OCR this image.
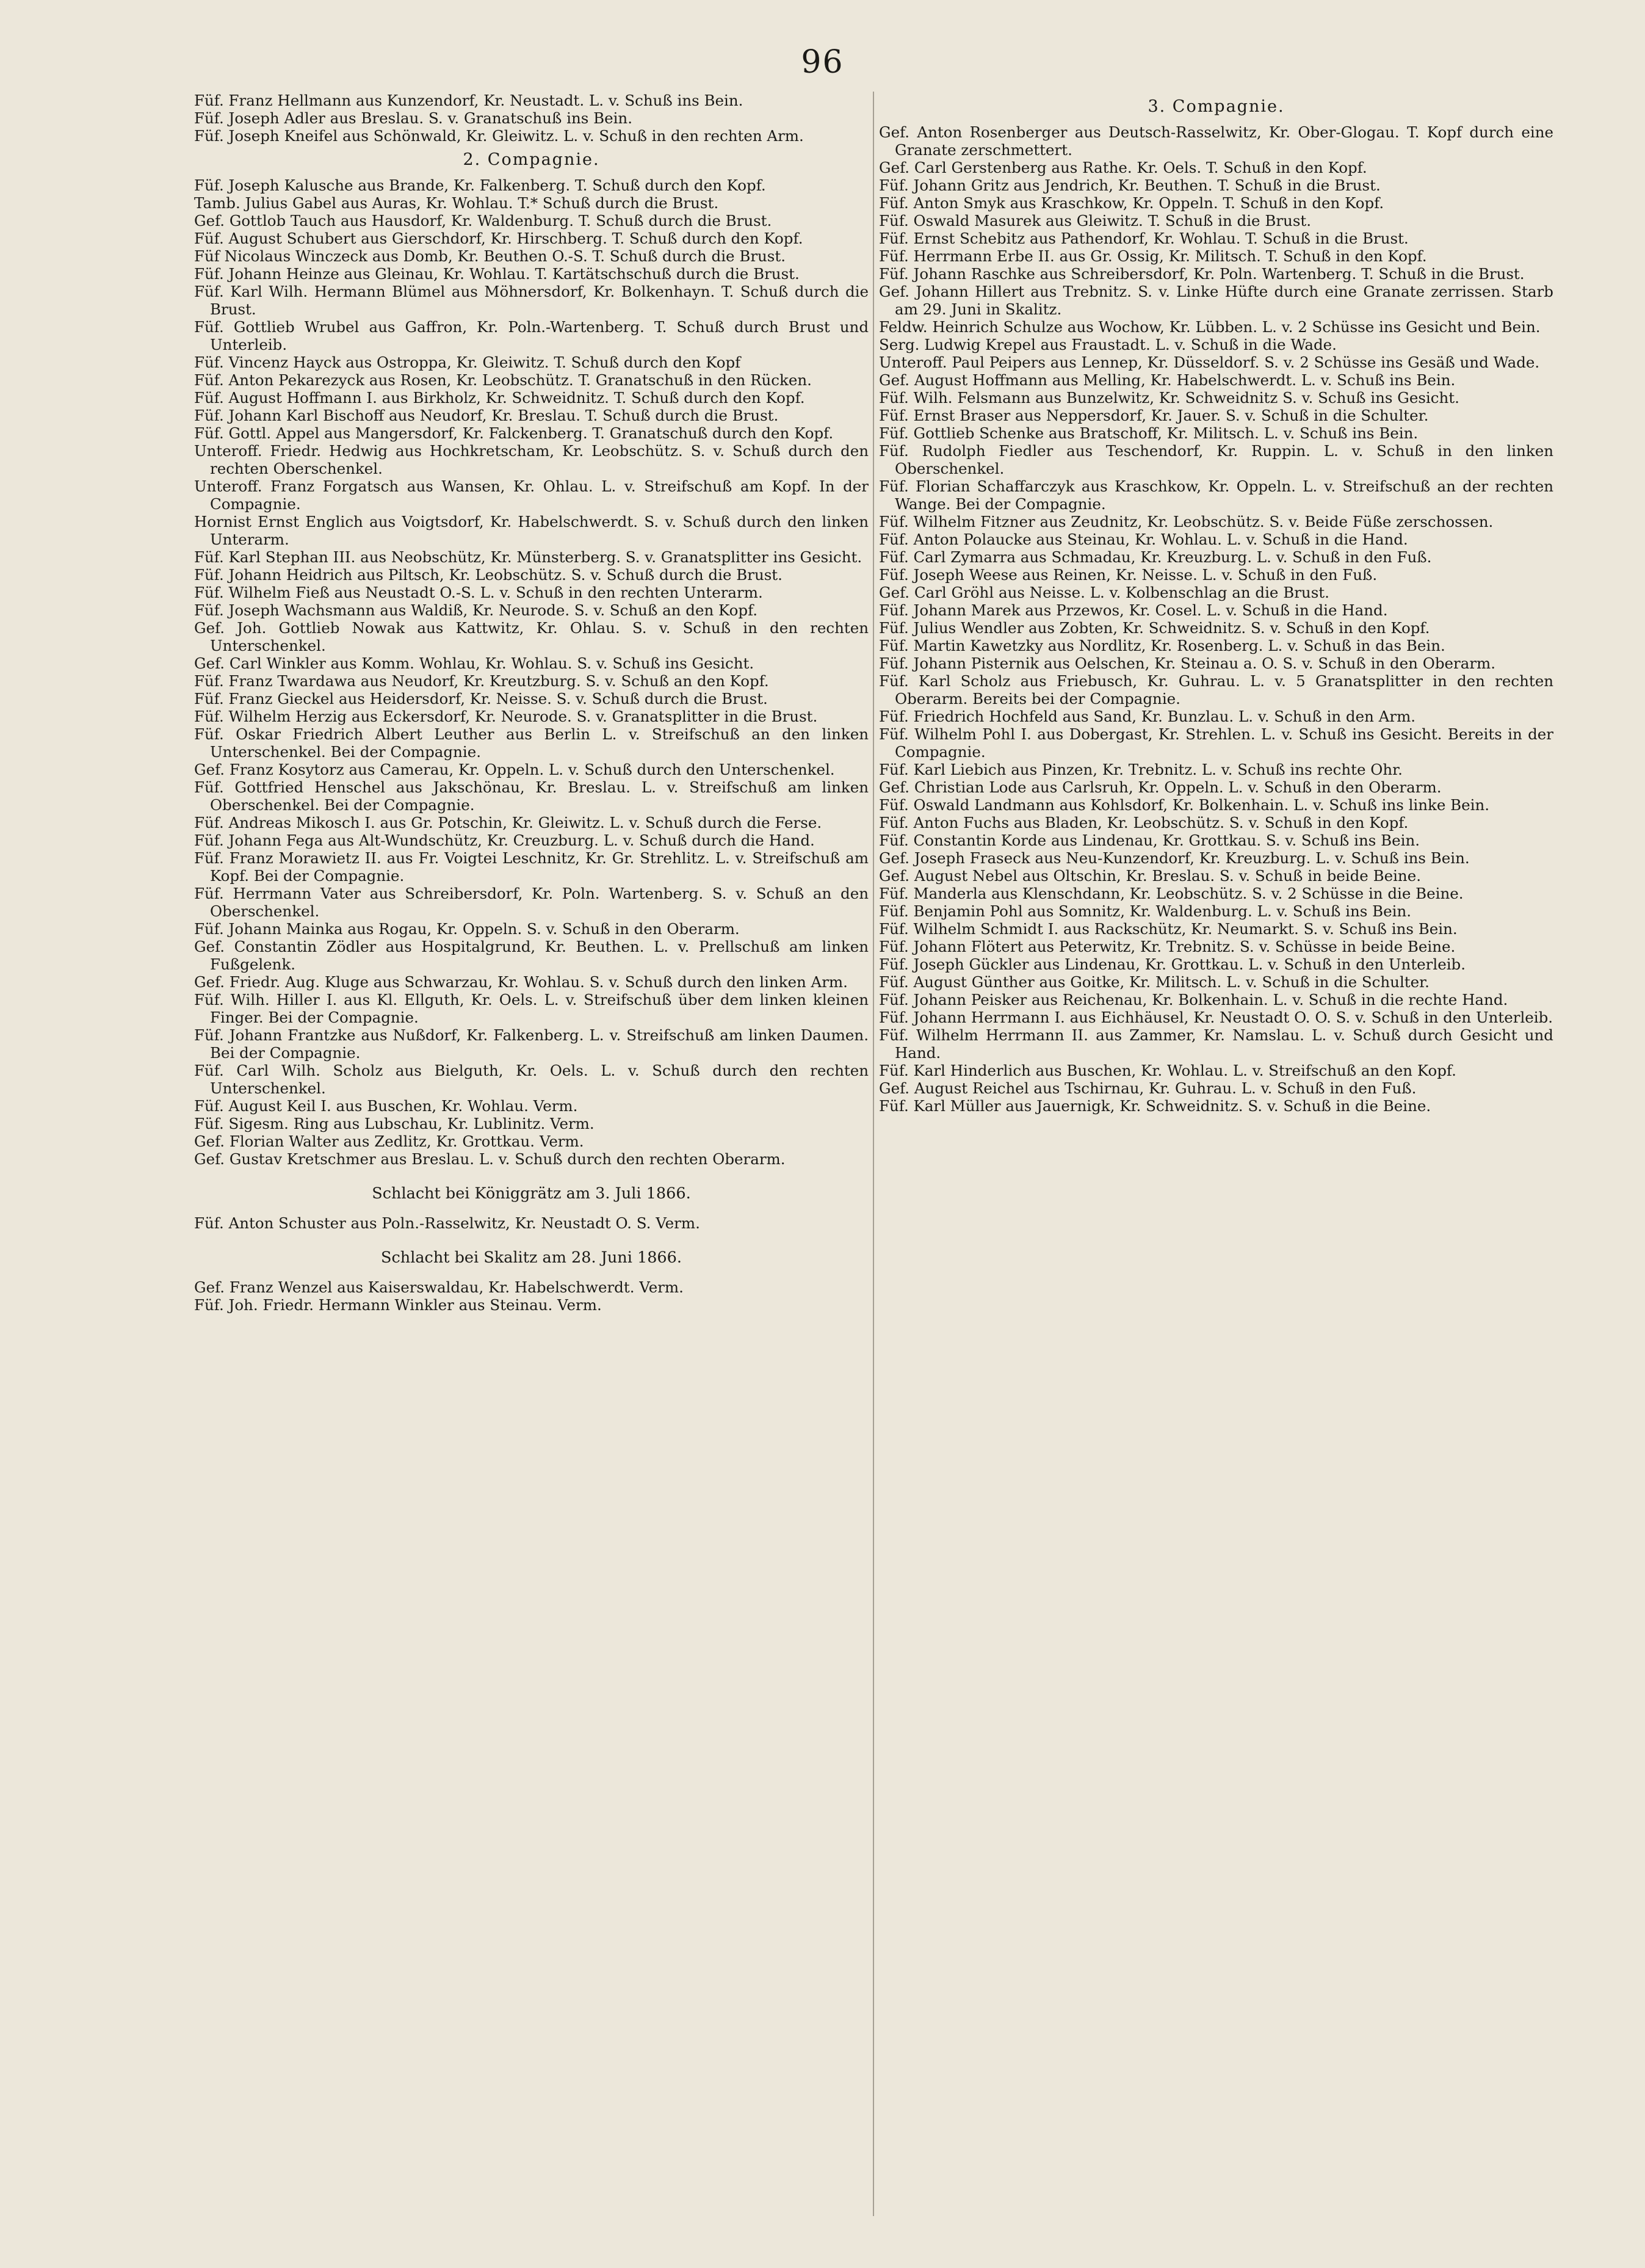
96

Füf. Franz Hellmann aus Kunzendorf, Kr. Neustadt. L. v. Schuß ins Bein.

Füf. Joseph Adler aus Breslau. S. v. Granatschuß ins Bein.

Füf. Joseph Kneifel aus Schönwald, Kr. Gleiwitz. L. v. Schuß in den rechten Arm.

2. Compagnie.

Füf. Joseph Kalusche aus Brande, Kr. Falkenberg. T. Schuß durch den Kopf.

Tamb. Julius Gabel aus Auras, Kr. Wohlau. T.* Schuß durch die Brust.

Gef. Gottlob Tauch aus Hausdorf, Kr. Waldenburg. T. Schuß durch die Brust.

Füf. August Schubert aus Gierschdorf, Kr. Hirschberg. T. Schuß durch den Kopf.

Füf Nicolaus Winczeck aus Domb, Kr. Beuthen O.-S. T. Schuß durch die Brust.

Füf. Johann Heinze aus Gleinau, Kr. Wohlau. T. Kartätschschuß durch die Brust.

Füf. Karl Wilh. Hermann Blümel aus Möhnersdorf, Kr. Bolkenhayn. T. Schuß durch die Brust.

Füf. Gottlieb Wrubel aus Gaffron, Kr. Poln.-Wartenberg. T. Schuß durch Brust und Unterleib.

Füf. Vincenz Hayck aus Ostroppa, Kr. Gleiwitz. T. Schuß durch den Kopf

Füf. Anton Pekarezyck aus Rosen, Kr. Leobschütz. T. Granatschuß in den Rücken.

Füf. August Hoffmann I. aus Birkholz, Kr. Schweidnitz. T. Schuß durch den Kopf.

Füf. Johann Karl Bischoff aus Neudorf, Kr. Breslau. T. Schuß durch die Brust.

Füf. Gottl. Appel aus Mangersdorf, Kr. Falckenberg. T. Granatschuß durch den Kopf.

Unteroff. Friedr. Hedwig aus Hochkretscham, Kr. Leobschütz. S. v. Schuß durch den rechten Oberschenkel.

Unteroff. Franz Forgatsch aus Wansen, Kr. Ohlau. L. v. Streifschuß am Kopf. In der Compagnie.

Hornist Ernst Englich aus Voigtsdorf, Kr. Habelschwerdt. S. v. Schuß durch den linken Unterarm.

Füf. Karl Stephan III. aus Neobschütz, Kr. Münsterberg. S. v. Granatsplitter ins Gesicht.

Füf. Johann Heidrich aus Piltsch, Kr. Leobschütz. S. v. Schuß durch die Brust.

Füf. Wilhelm Fieß aus Neustadt O.-S. L. v. Schuß in den rechten Unterarm.

Füf. Joseph Wachsmann aus Waldiß, Kr. Neurode. S. v. Schuß an den Kopf.

Gef. Joh. Gottlieb Nowak aus Kattwitz, Kr. Ohlau. S. v. Schuß in den rechten Unterschenkel.

Gef. Carl Winkler aus Komm. Wohlau, Kr. Wohlau. S. v. Schuß ins Gesicht.

Füf. Franz Twardawa aus Neudorf, Kr. Kreutzburg. S. v. Schuß an den Kopf.

Füf. Franz Gieckel aus Heidersdorf, Kr. Neisse. S. v. Schuß durch die Brust.

Füf. Wilhelm Herzig aus Eckersdorf, Kr. Neurode. S. v. Granatsplitter in die Brust.

Füf. Oskar Friedrich Albert Leuther aus Berlin L. v. Streifschuß an den linken Unterschenkel. Bei der Compagnie.

Gef. Franz Kosytorz aus Camerau, Kr. Oppeln. L. v. Schuß durch den Unterschenkel.

Füf. Gottfried Henschel aus Jakschönau, Kr. Breslau. L. v. Streifschuß am linken Oberschenkel. Bei der Compagnie.

Füf. Andreas Mikosch I. aus Gr. Potschin, Kr. Gleiwitz. L. v. Schuß durch die Ferse.

Füf. Johann Fega aus Alt-Wundschütz, Kr. Creuzburg. L. v. Schuß durch die Hand.

Füf. Franz Morawietz II. aus Fr. Voigtei Leschnitz, Kr. Gr. Strehlitz. L. v. Streifschuß am Kopf. Bei der Compagnie.

Füf. Herrmann Vater aus Schreibersdorf, Kr. Poln. Wartenberg. S. v. Schuß an den Oberschenkel.

Füf. Johann Mainka aus Rogau, Kr. Oppeln. S. v. Schuß in den Oberarm.

Gef. Constantin Zödler aus Hospitalgrund, Kr. Beuthen. L. v. Prellschuß am linken Fußgelenk.

Gef. Friedr. Aug. Kluge aus Schwarzau, Kr. Wohlau. S. v. Schuß durch den linken Arm.

Füf. Wilh. Hiller I. aus Kl. Ellguth, Kr. Oels. L. v. Streifschuß über dem linken kleinen Finger. Bei der Compagnie.

Füf. Johann Frantzke aus Nußdorf, Kr. Falkenberg. L. v. Streifschuß am linken Daumen. Bei der Compagnie.

Füf. Carl Wilh. Scholz aus Bielguth, Kr. Oels. L. v. Schuß durch den rechten Unterschenkel.

Füf. August Keil I. aus Buschen, Kr. Wohlau. Verm.

Füf. Sigesm. Ring aus Lubschau, Kr. Lublinitz. Verm.

Gef. Florian Walter aus Zedlitz, Kr. Grottkau. Verm.

Gef. Gustav Kretschmer aus Breslau. L. v. Schuß durch den rechten Oberarm.

Schlacht bei Königgrätz am 3. Juli 1866.

Füf. Anton Schuster aus Poln.-Rasselwitz, Kr. Neustadt O. S. Verm.

Schlacht bei Skalitz am 28. Juni 1866.

Gef. Franz Wenzel aus Kaiserswaldau, Kr. Habelschwerdt. Verm.

Füf. Joh. Friedr. Hermann Winkler aus Steinau. Verm.

3. Compagnie.

Gef. Anton Rosenberger aus Deutsch-Rasselwitz, Kr. Ober-Glogau. T. Kopf durch eine Granate zerschmettert.

Gef. Carl Gerstenberg aus Rathe. Kr. Oels. T. Schuß in den Kopf.

Füf. Johann Gritz aus Jendrich, Kr. Beuthen. T. Schuß in die Brust.

Füf. Anton Smyk aus Kraschkow, Kr. Oppeln. T. Schuß in den Kopf.

Füf. Oswald Masurek aus Gleiwitz. T. Schuß in die Brust.

Füf. Ernst Schebitz aus Pathendorf, Kr. Wohlau. T. Schuß in die Brust.

Füf. Herrmann Erbe II. aus Gr. Ossig, Kr. Militsch. T. Schuß in den Kopf.

Füf. Johann Raschke aus Schreibersdorf, Kr. Poln. Wartenberg. T. Schuß in die Brust.

Gef. Johann Hillert aus Trebnitz. S. v. Linke Hüfte durch eine Granate zerrissen. Starb am 29. Juni in Skalitz.

Feldw. Heinrich Schulze aus Wochow, Kr. Lübben. L. v. 2 Schüsse ins Gesicht und Bein.

Serg. Ludwig Krepel aus Fraustadt. L. v. Schuß in die Wade.

Unteroff. Paul Peipers aus Lennep, Kr. Düsseldorf. S. v. 2 Schüsse ins Gesäß und Wade.

Gef. August Hoffmann aus Melling, Kr. Habelschwerdt. L. v. Schuß ins Bein.

Füf. Wilh. Felsmann aus Bunzelwitz, Kr. Schweidnitz S. v. Schuß ins Gesicht.

Füf. Ernst Braser aus Neppersdorf, Kr. Jauer. S. v. Schuß in die Schulter.

Füf. Gottlieb Schenke aus Bratschoff, Kr. Militsch. L. v. Schuß ins Bein.

Füf. Rudolph Fiedler aus Teschendorf, Kr. Ruppin. L. v. Schuß in den linken Oberschenkel.

Füf. Florian Schaffarczyk aus Kraschkow, Kr. Oppeln. L. v. Streifschuß an der rechten Wange. Bei der Compagnie.

Füf. Wilhelm Fitzner aus Zeudnitz, Kr. Leobschütz. S. v. Beide Füße zerschossen.

Füf. Anton Polaucke aus Steinau, Kr. Wohlau. L. v. Schuß in die Hand.

Füf. Carl Zymarra aus Schmadau, Kr. Kreuzburg. L. v. Schuß in den Fuß.

Füf. Joseph Weese aus Reinen, Kr. Neisse. L. v. Schuß in den Fuß.

Gef. Carl Gröhl aus Neisse. L. v. Kolbenschlag an die Brust.

Füf. Johann Marek aus Przewos, Kr. Cosel. L. v. Schuß in die Hand.

Füf. Julius Wendler aus Zobten, Kr. Schweidnitz. S. v. Schuß in den Kopf.

Füf. Martin Kawetzky aus Nordlitz, Kr. Rosenberg. L. v. Schuß in das Bein.

Füf. Johann Pisternik aus Oelschen, Kr. Steinau a. O. S. v. Schuß in den Oberarm.

Füf. Karl Scholz aus Friebusch, Kr. Guhrau. L. v. 5 Granatsplitter in den rechten Oberarm. Bereits bei der Compagnie.

Füf. Friedrich Hochfeld aus Sand, Kr. Bunzlau. L. v. Schuß in den Arm.

Füf. Wilhelm Pohl I. aus Dobergast, Kr. Strehlen. L. v. Schuß ins Gesicht. Bereits in der Compagnie.

Füf. Karl Liebich aus Pinzen, Kr. Trebnitz. L. v. Schuß ins rechte Ohr.

Gef. Christian Lode aus Carlsruh, Kr. Oppeln. L. v. Schuß in den Oberarm.

Füf. Oswald Landmann aus Kohlsdorf, Kr. Bolkenhain. L. v. Schuß ins linke Bein.

Füf. Anton Fuchs aus Bladen, Kr. Leobschütz. S. v. Schuß in den Kopf.

Füf. Constantin Korde aus Lindenau, Kr. Grottkau. S. v. Schuß ins Bein.

Gef. Joseph Fraseck aus Neu-Kunzendorf, Kr. Kreuzburg. L. v. Schuß ins Bein.

Gef. August Nebel aus Oltschin, Kr. Breslau. S. v. Schuß in beide Beine.

Füf. Manderla aus Klenschdann, Kr. Leobschütz. S. v. 2 Schüsse in die Beine.

Füf. Benjamin Pohl aus Somnitz, Kr. Waldenburg. L. v. Schuß ins Bein.

Füf. Wilhelm Schmidt I. aus Rackschütz, Kr. Neumarkt. S. v. Schuß ins Bein.

Füf. Johann Flötert aus Peterwitz, Kr. Trebnitz. S. v. Schüsse in beide Beine.

Füf. Joseph Gückler aus Lindenau, Kr. Grottkau. L. v. Schuß in den Unterleib.

Füf. August Günther aus Goitke, Kr. Militsch. L. v. Schuß in die Schulter.

Füf. Johann Peisker aus Reichenau, Kr. Bolkenhain. L. v. Schuß in die rechte Hand.

Füf. Johann Herrmann I. aus Eichhäusel, Kr. Neustadt O. O. S. v. Schuß in den Unterleib.

Füf. Wilhelm Herrmann II. aus Zammer, Kr. Namslau. L. v. Schuß durch Gesicht und Hand.

Füf. Karl Hinderlich aus Buschen, Kr. Wohlau. L. v. Streifschuß an den Kopf.

Gef. August Reichel aus Tschirnau, Kr. Guhrau. L. v. Schuß in den Fuß.

Füf. Karl Müller aus Jauernigk, Kr. Schweidnitz. S. v. Schuß in die Beine.
